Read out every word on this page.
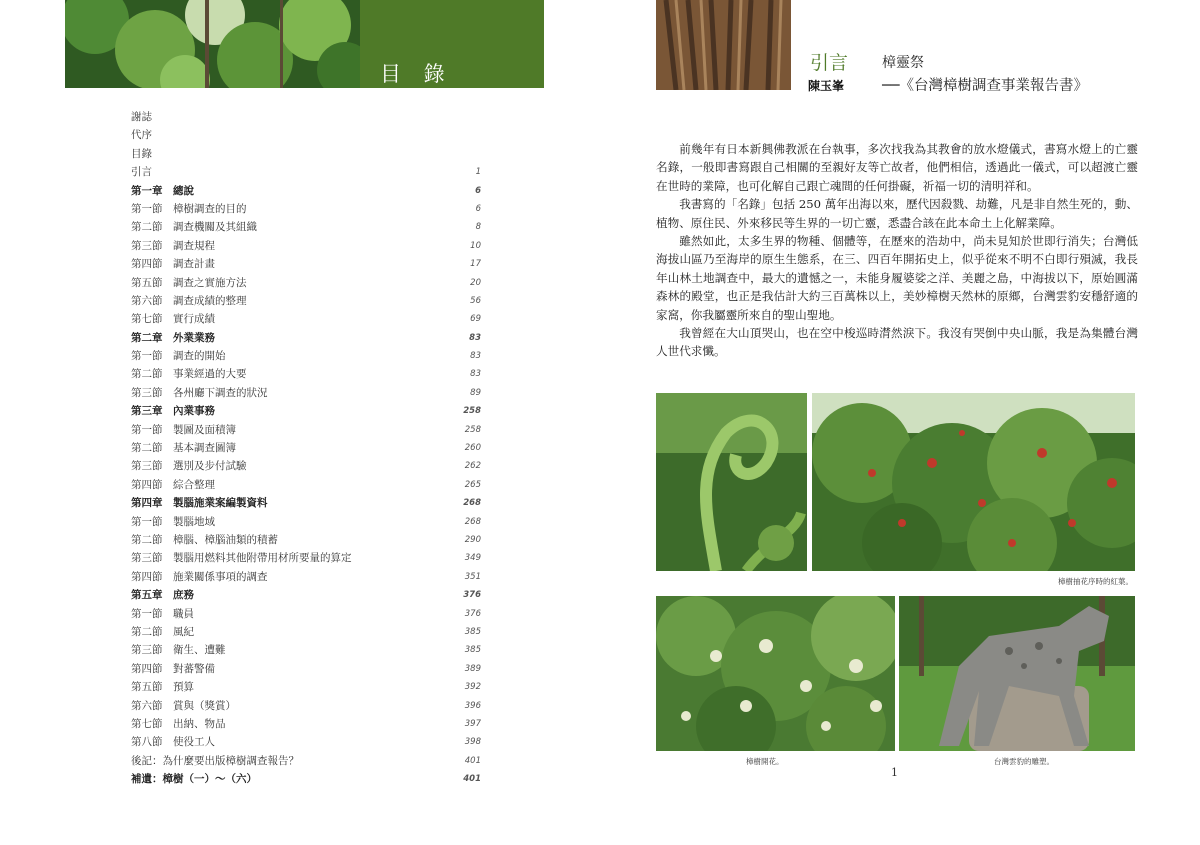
目 錄
謝誌
代序
目錄
引言	1
第一章 總說	6
第一節 樟樹調查的目的	6
第二節 調查機關及其組織	8
第三節 調查規程	10
第四節 調查計畫	17
第五節 調查之實施方法	20
第六節 調查成績的整理	56
第七節 實行成績	69
第二章 外業業務	83
第一節 調查的開始	83
第二節 事業經過的大要	83
第三節 各州廳下調查的狀況	89
第三章 內業事務	258
第一節 製圖及面積簿	258
第二節 基本調查圖簿	260
第三節 選別及步付試驗	262
第四節 綜合整理	265
第四章 製腦施業案編製資料	268
第一節 製腦地域	268
第二節 樟腦、樟腦油類的積蓄	290
第三節 製腦用燃料其他附帶用材所要量的算定	349
第四節 施業關係事項的調查	351
第五章 庶務	376
第一節 職員	376
第二節 風紀	385
第三節 衛生、遭難	385
第四節 對蕃警備	389
第五節 預算	392
第六節 賞與（獎賞）	396
第七節 出納、物品	397
第八節 使役工人	398
後記：為什麼要出版樟樹調查報告？	401
補遺：樟樹（一）～（六）	401
引言
陳玉峯
樟靈祭
──《台灣樟樹調查事業報告書》

前幾年有日本新興佛教派在台執事，多次找我為其教會的放水燈儀式，書寫水燈上的亡靈名錄，一般即書寫跟自己相關的至親好友等亡故者，他們相信，透過此一儀式，可以超渡亡靈在世時的業障，也可化解自己跟亡魂間的任何掛礙，祈福一切的清明祥和。

我書寫的「名錄」包括 250 萬年出海以來，歷代因殺戮、劫難，凡是非自然生死的，動、植物、原住民、外來移民等生界的一切亡靈，悉盡合該在此本命土上化解業障。

雖然如此，太多生界的物種、個體等，在歷來的浩劫中，尚未見知於世即行消失；台灣低海拔山區乃至海岸的原生生態系，在三、四百年開拓史上，似乎從來不明不白即行殞滅，我長年山林土地調查中，最大的遺憾之一，未能身履婆娑之洋、美麗之島，中海拔以下，原始圓滿森林的殿堂，也正是我估計大約三百萬株以上，美妙樟樹天然林的原鄉，台灣雲豹安穩舒適的家窩，你我屬靈所來自的聖山聖地。

我曾經在大山頂哭山，也在空中梭巡時潸然淚下。我沒有哭倒中央山脈，我是為集體台灣人世代求懺。

樟樹抽花序時的紅葉。
樟樹開花。	台灣雲豹的雕塑。
1
